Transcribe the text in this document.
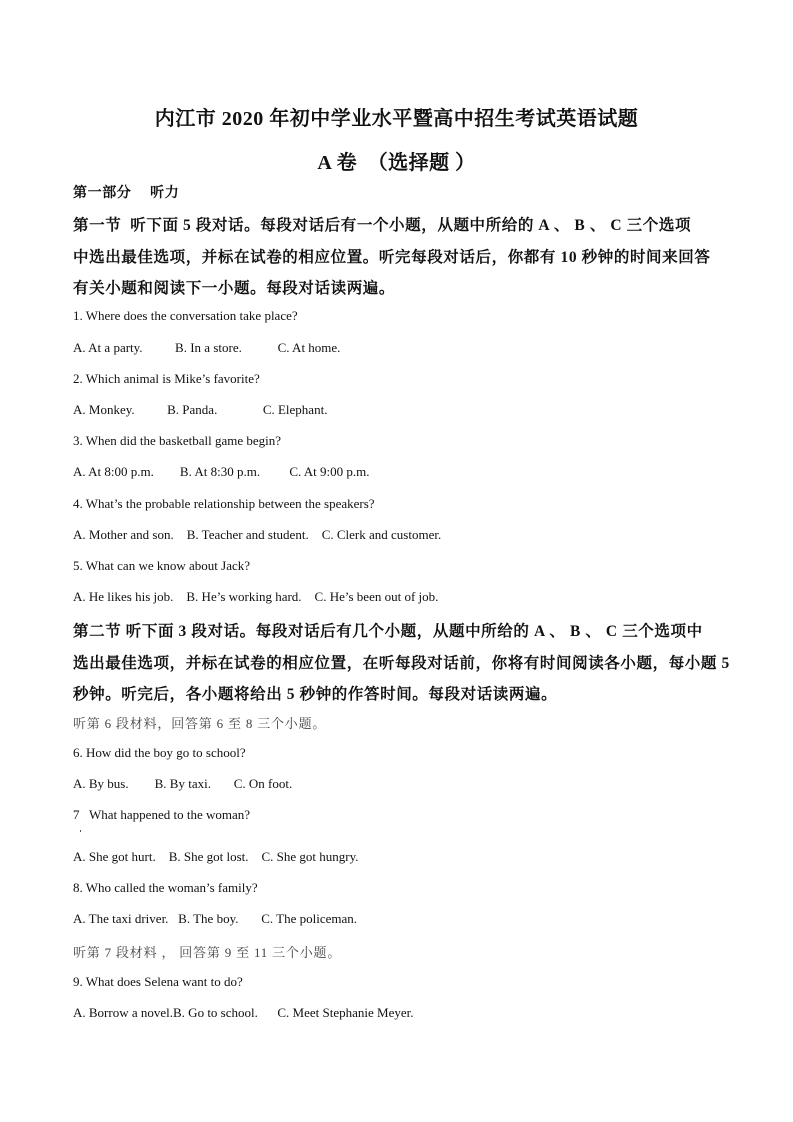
内江市 2020 年初中学业水平暨高中招生考试英语试题
A 卷　（选择题 ）
第一部分　 听力
第一节  听下面 5 段对话。每段对话后有一个小题，从题中所给的 A 、 B 、 C 三个选项
中选出最佳选项，并标在试卷的相应位置。听完每段对话后，你都有 10 秒钟的时间来回答
有关小题和阅读下一小题。每段对话读两遍。
1. Where does the conversation take place?
A. At a party.          B. In a store.           C. At home.
2. Which animal is Mike’s favorite?
A. Monkey.          B. Panda.              C. Elephant.
3. When did the basketball game begin?
A. At 8:00 p.m.        B. At 8:30 p.m.         C. At 9:00 p.m.
4. What’s the probable relationship between the speakers?
A. Mother and son.    B. Teacher and student.    C. Clerk and customer.
5. What can we know about Jack?
A. He likes his job.    B. He’s working hard.    C. He’s been out of job.
第二节 听下面 3 段对话。每段对话后有几个小题，从题中所给的 A 、 B 、 C 三个选项中
选出最佳选项，并标在试卷的相应位置，在听每段对话前，你将有时间阅读各小题，每小题 5
秒钟。听完后，各小题将给出 5 秒钟的作答时间。每段对话读两遍。
听第 6 段材料，回答第 6 至 8 三个小题。
6. How did the boy go to school?
A. By bus.        B. By taxi.       C. On foot.
7   What happened to the woman?
A. She got hurt.    B. She got lost.    C. She got hungry.
8. Who called the woman’s family?
A. The taxi driver.   B. The boy.       C. The policeman.
听第 7 段材料 ， 回答第 9 至 11 三个小题。
9. What does Selena want to do?
A. Borrow a novel.B. Go to school.      C. Meet Stephanie Meyer.
